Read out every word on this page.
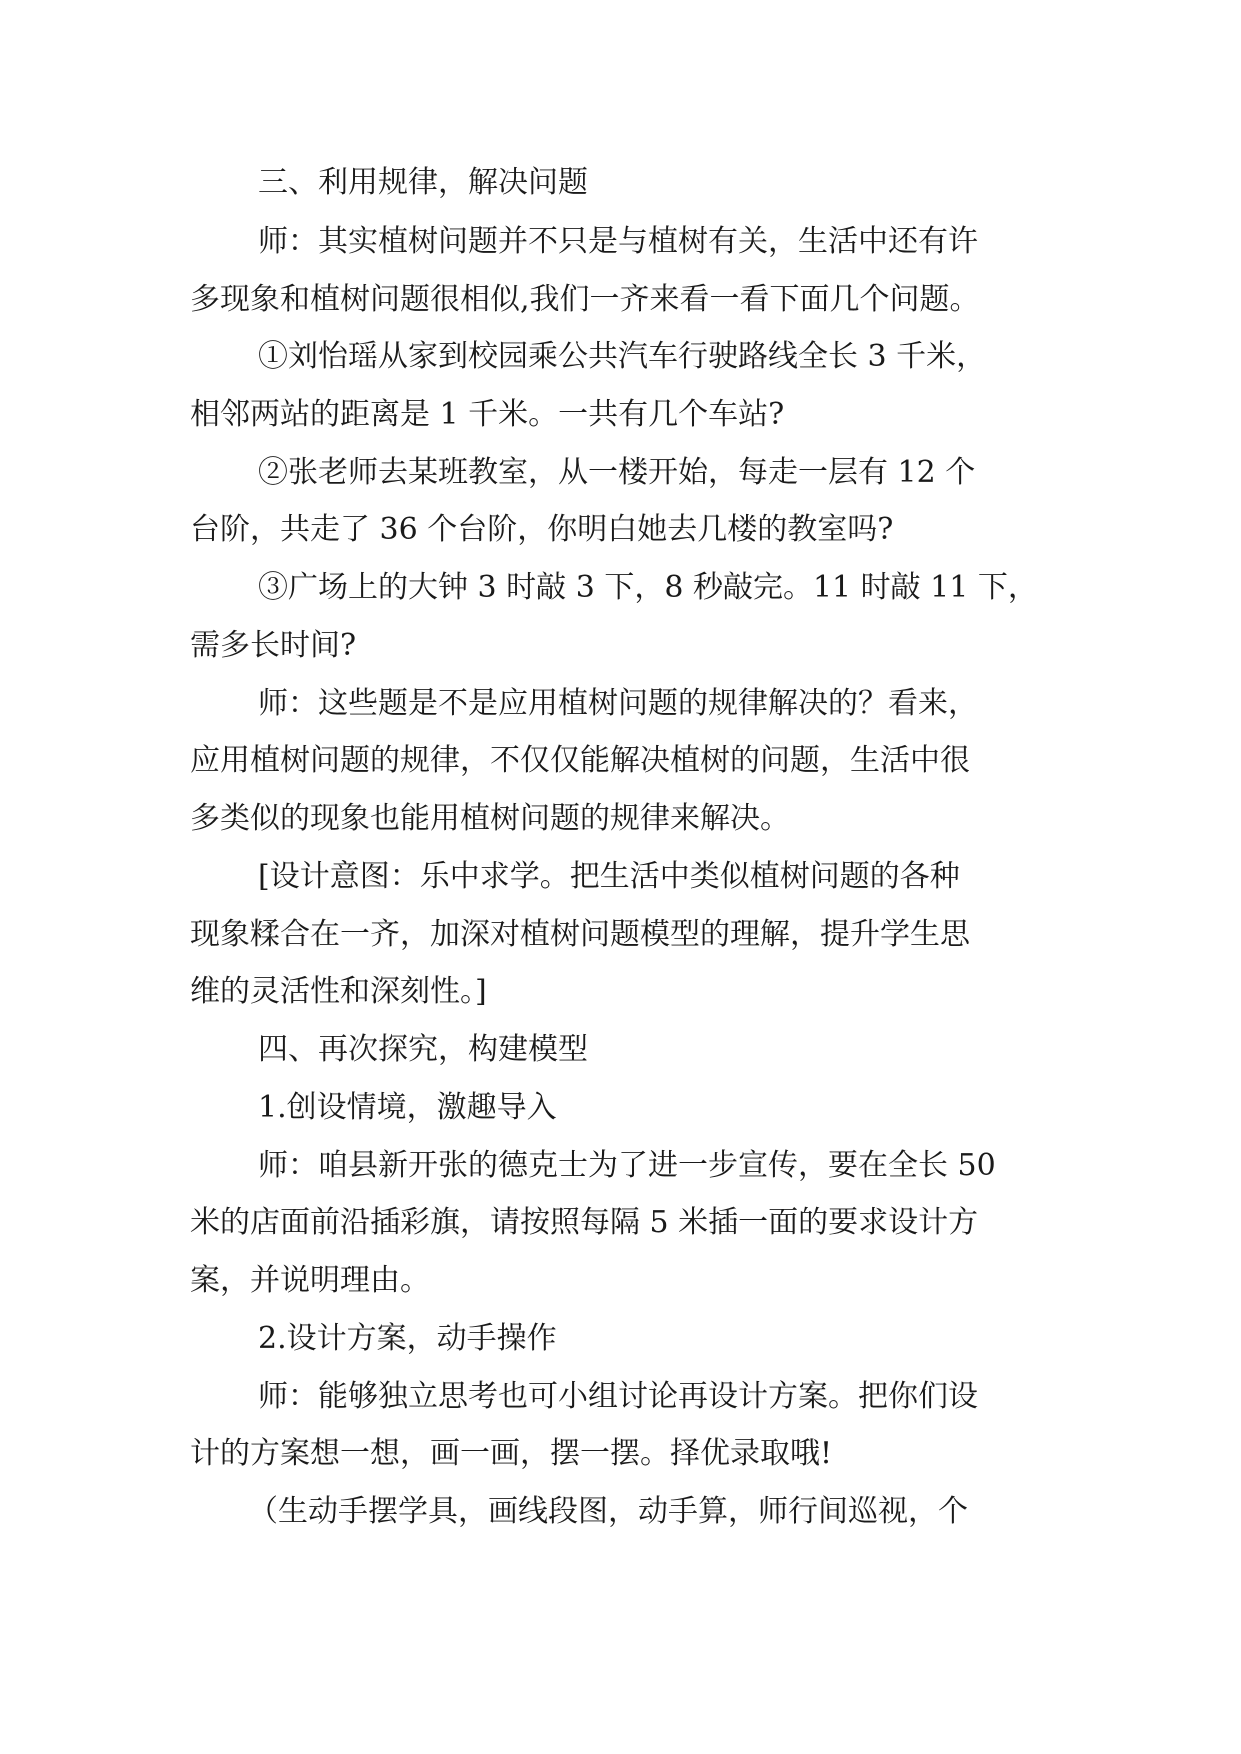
三、利用规律，解决问题
师：其实植树问题并不只是与植树有关，生活中还有许
多现象和植树问题很相似,我们一齐来看一看下面几个问题。
①刘怡瑶从家到校园乘公共汽车行驶路线全长 3 千米，
相邻两站的距离是 1 千米。一共有几个车站?
②张老师去某班教室，从一楼开始，每走一层有 12 个
台阶，共走了 36 个台阶，你明白她去几楼的教室吗?
③广场上的大钟 3 时敲 3 下，8 秒敲完。11 时敲 11 下，
需多长时间?
师：这些题是不是应用植树问题的规律解决的？看来，
应用植树问题的规律，不仅仅能解决植树的问题，生活中很
多类似的现象也能用植树问题的规律来解决。
[设计意图：乐中求学。把生活中类似植树问题的各种
现象糅合在一齐，加深对植树问题模型的理解，提升学生思
维的灵活性和深刻性。]
四、再次探究，构建模型
1.创设情境，激趣导入
师：咱县新开张的德克士为了进一步宣传，要在全长 50
米的店面前沿插彩旗，请按照每隔 5 米插一面的要求设计方
案，并说明理由。
2.设计方案，动手操作
师：能够独立思考也可小组讨论再设计方案。把你们设
计的方案想一想，画一画，摆一摆。择优录取哦!
（生动手摆学具，画线段图，动手算，师行间巡视，个
